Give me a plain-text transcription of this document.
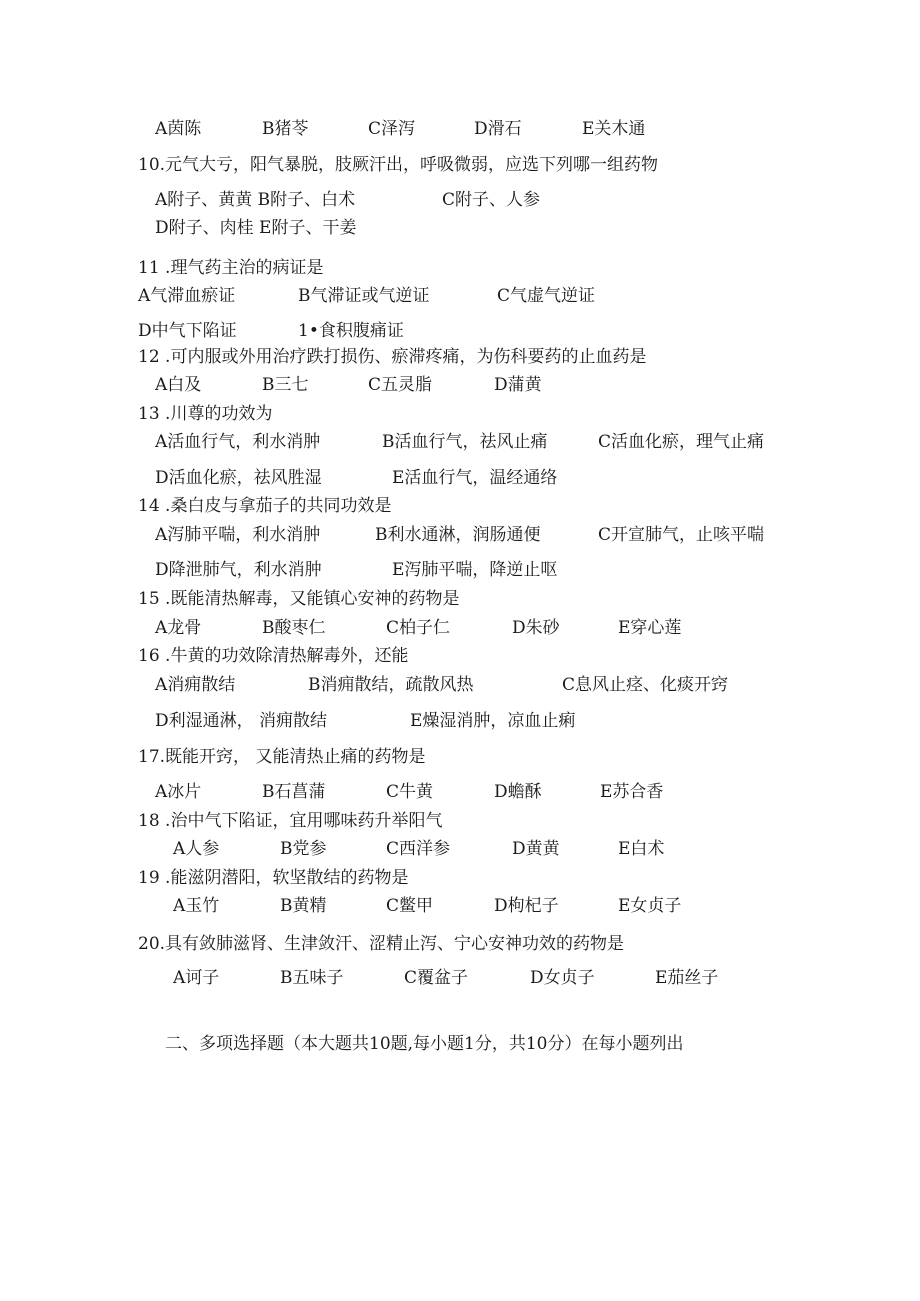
A茵陈	B猪苓	C泽泻	D滑石	E关木通
10.元气大亏，阳气暴脱，肢厥汗出，呼吸微弱，应选下列哪一组药物
A附子、黄黄 B附子、白术	C附子、人参
D附子、肉桂 E附子、干姜
11 .理气药主治的病证是
A气滞血瘀证	B气滞证或气逆证	C气虚气逆证
D中气下陷证	1•食积腹痛证
12 .可内服或外用治疗跌打损伤、瘀滞疼痛，为伤科要药的止血药是
A白及	B三七	C五灵脂	D蒲黄
13 .川尊的功效为
A活血行气，利水消肿	B活血行气，祛风止痛	C活血化瘀，理气止痛
D活血化瘀，祛风胜湿	E活血行气，温经通络
14 .桑白皮与拿茄子的共同功效是
A泻肺平喘，利水消肿	B利水通淋，润肠通便	C开宣肺气，止咳平喘
D降泄肺气，利水消肿	E泻肺平喘，降逆止呕
15 .既能清热解毒，又能镇心安神的药物是
A龙骨	B酸枣仁	C柏子仁	D朱砂	E穿心莲
16 .牛黄的功效除清热解毒外，还能
A消痈散结	B消痈散结，疏散风热	C息风止痉、化痰开窍
D利湿通淋， 消痈散结	E燥湿消肿，凉血止痢
17.既能开窍， 又能清热止痛的药物是
A冰片	B石菖蒲	C牛黄	D蟾酥	E苏合香
18 .治中气下陷证，宜用哪味药升举阳气
A人参	B党参	C西洋参	D黄黄	E白术
19 .能滋阴潜阳，软坚散结的药物是
A玉竹	B黄精	C鳖甲	D枸杞子	E女贞子
20.具有敛肺滋肾、生津敛汗、涩精止泻、宁心安神功效的药物是
A诃子	B五味子	C覆盆子	D女贞子	E茄丝子
二、多项选择题（本大题共10题,每小题1分，共10分）在每小题列出
